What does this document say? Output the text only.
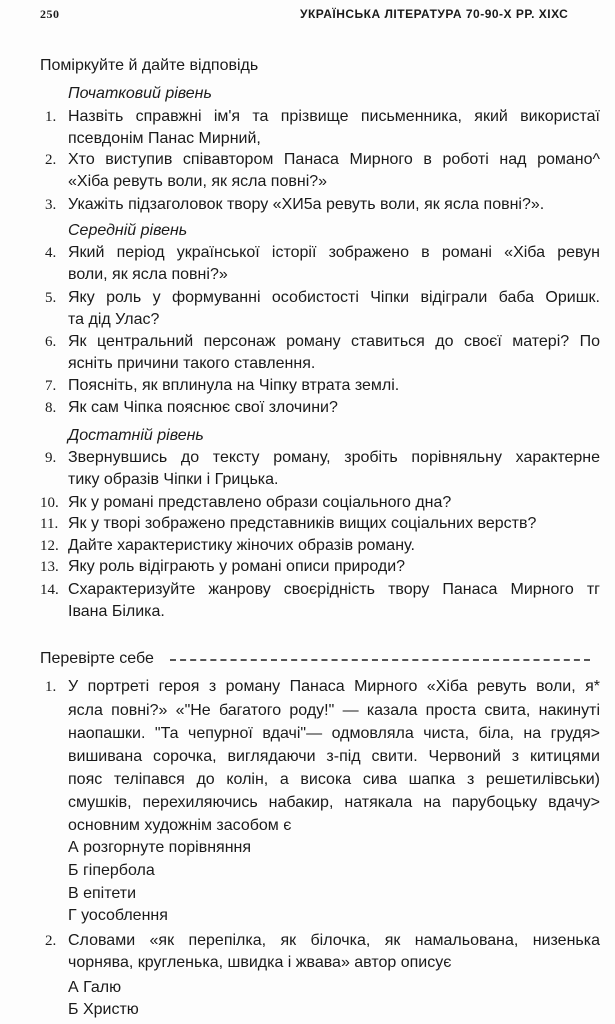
250	УКРАЇНСЬКА ЛІТЕРАТУРА 70-90-Х РР. ХІХС
Поміркуйте й дайте відповідь
Початковий рівень
Середній рівень
Достатній рівень
1. Назвіть справжні ім'я та прізвище письменника, який використаї
псевдонім Панас Мирний,
2. Хто виступив співавтором Панаса Мирного в роботі над романо^
«Хіба ревуть воли, як ясла повні?»
3. Укажіть підзаголовок твору «ХИ5а ревуть воли, як ясла повні?».
4. Який період української історії зображено в романі «Хіба ревун
воли, як ясла повні?»
5. Яку роль у формуванні особистості Чіпки відіграли баба Оришк.
та дід Улас?
6. Як центральний персонаж роману ставиться до своєї матері? По
ясніть причини такого ставлення.
7. Поясніть, як вплинула на Чіпку втрата землі.
8. Як сам Чіпка пояснює свої злочини?
9. Звернувшись до тексту роману, зробіть порівняльну характерне
тику образів Чіпки і Грицька.
10. Як у романі представлено образи соціального дна?
11. Як у творі зображено представників вищих соціальних верств?
12. Дайте характеристику жіночих образів роману.
13. Яку роль відіграють у романі описи природи?
14. Схарактеризуйте жанрову своєрідність твору Панаса Мирного тг
Івана Білика.
1. У портреті героя з роману Панаса Мирного «Хіба ревуть воли, я*
ясла повні?» «"Не багатого роду!" — казала проста свита, накинуті
наопашки. "Та чепурної вдачі"— одмовляла чиста, біла, на грудя>
вишивана сорочка, виглядаючи з-під свити. Червоний з китицями
пояс теліпався до колін, а висока сива шапка з решетилівськи)
смушків, перехиляючись набакир, натякала на парубоцьку вдачу>
основним художнім засобом є
А розгорнуте порівняння
Б гіпербола
В епітети
Г уособлення
2. Словами «як перепілка, як білочка, як намальована, низенька
чорнява, кругленька, швидка і жвава» автор описує
А Галю
Б Христю
Перевірте себе
